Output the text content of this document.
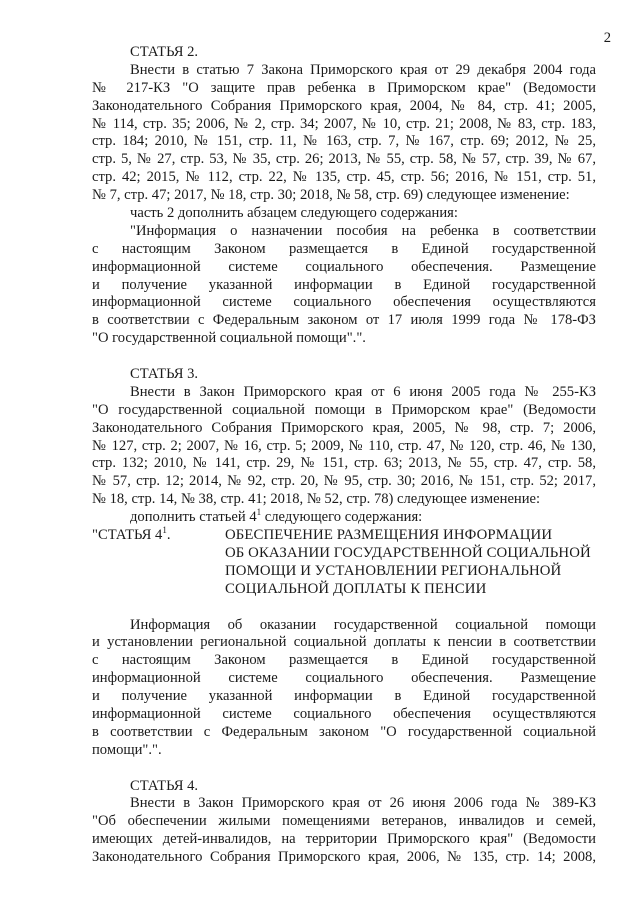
2
СТАТЬЯ 2.
Внести в статью 7 Закона Приморского края от 29 декабря 2004 года
№ 217-КЗ "О защите прав ребенка в Приморском крае" (Ведомости
Законодательного Собрания Приморского края, 2004, № 84, стр. 41; 2005,
№ 114, стр. 35; 2006, № 2, стр. 34; 2007, № 10, стр. 21; 2008, № 83, стр. 183,
стр. 184; 2010, № 151, стр. 11, № 163, стр. 7, № 167, стр. 69; 2012, № 25,
стр. 5, № 27, стр. 53, № 35, стр. 26; 2013, № 55, стр. 58, № 57, стр. 39, № 67,
стр. 42; 2015, № 112, стр. 22, № 135, стр. 45, стр. 56; 2016, № 151, стр. 51,
№ 7, стр. 47; 2017, № 18, стр. 30; 2018, № 58, стр. 69) следующее изменение:
часть 2 дополнить абзацем следующего содержания:
"Информация о назначении пособия на ребенка в соответствии
с настоящим Законом размещается в Единой государственной
информационной системе социального обеспечения. Размещение
и получение указанной информации в Единой государственной
информационной системе социального обеспечения осуществляются
в соответствии с Федеральным законом от 17 июля 1999 года № 178-ФЗ
"О государственной социальной помощи".".
СТАТЬЯ 3.
Внести в Закон Приморского края от 6 июня 2005 года № 255-КЗ
"О государственной социальной помощи в Приморском крае" (Ведомости
Законодательного Собрания Приморского края, 2005, № 98, стр. 7; 2006,
№ 127, стр. 2; 2007, № 16, стр. 5; 2009, № 110, стр. 47, № 120, стр. 46, № 130,
стр. 132; 2010, № 141, стр. 29, № 151, стр. 63; 2013, № 55, стр. 47, стр. 58,
№ 57, стр. 12; 2014, № 92, стр. 20, № 95, стр. 30; 2016, № 151, стр. 52; 2017,
№ 18, стр. 14, № 38, стр. 41; 2018, № 52, стр. 78) следующее изменение:
дополнить статьей $4^1$ следующего содержания:
"СТАТЬЯ $4^1$.	ОБЕСПЕЧЕНИЕ РАЗМЕЩЕНИЯ ИНФОРМАЦИИ
ОБ ОКАЗАНИИ ГОСУДАРСТВЕННОЙ СОЦИАЛЬНОЙ
ПОМОЩИ И УСТАНОВЛЕНИИ РЕГИОНАЛЬНОЙ
СОЦИАЛЬНОЙ ДОПЛАТЫ К ПЕНСИИ
Информация об оказании государственной социальной помощи
и установлении региональной социальной доплаты к пенсии в соответствии
с настоящим Законом размещается в Единой государственной
информационной системе социального обеспечения. Размещение
и получение указанной информации в Единой государственной
информационной системе социального обеспечения осуществляются
в соответствии с Федеральным законом "О государственной социальной
помощи".".
СТАТЬЯ 4.
Внести в Закон Приморского края от 26 июня 2006 года № 389-КЗ
"Об обеспечении жилыми помещениями ветеранов, инвалидов и семей,
имеющих детей-инвалидов, на территории Приморского края" (Ведомости
Законодательного Собрания Приморского края, 2006, № 135, стр. 14; 2008,
